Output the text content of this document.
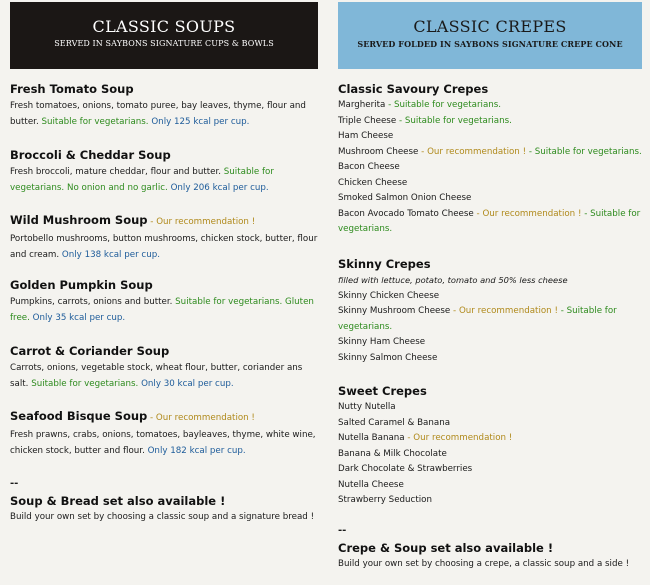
CLASSIC SOUPS
SERVED IN SAYBONS SIGNATURE CUPS & BOWLS
Fresh Tomato Soup
Fresh tomatoes, onions, tomato puree, bay leaves, thyme, flour and butter. Suitable for vegetarians. Only 125 kcal per cup.
Broccoli & Cheddar Soup
Fresh broccoli, mature cheddar, flour and butter. Suitable for vegetarians. No onion and no garlic. Only 206 kcal per cup.
Wild Mushroom Soup - Our recommendation !
Portobello mushrooms, button mushrooms, chicken stock, butter, flour and cream. Only 138 kcal per cup.
Golden Pumpkin Soup
Pumpkins, carrots, onions and butter. Suitable for vegetarians. Gluten free. Only 35 kcal per cup.
Carrot & Coriander Soup
Carrots, onions, vegetable stock, wheat flour, butter, coriander ans salt. Suitable for vegetarians. Only 30 kcal per cup.
Seafood Bisque Soup - Our recommendation !
Fresh prawns, crabs, onions, tomatoes, bayleaves, thyme, white wine, chicken stock, butter and flour. Only 182 kcal per cup.
--
Soup & Bread set also available !
Build your own set by choosing a classic soup and a signature bread !
CLASSIC CREPES
SERVED FOLDED IN SAYBONS SIGNATURE CREPE CONE
Classic Savoury Crepes
Margherita - Suitable for vegetarians.
Triple Cheese - Suitable for vegetarians.
Ham Cheese
Mushroom Cheese - Our recommendation ! - Suitable for vegetarians.
Bacon Cheese
Chicken Cheese
Smoked Salmon Onion Cheese
Bacon Avocado Tomato Cheese - Our recommendation ! - Suitable for vegetarians.
Skinny Crepes
filled with lettuce, potato, tomato and 50% less cheese
Skinny Chicken Cheese
Skinny Mushroom Cheese - Our recommendation ! - Suitable for vegetarians.
Skinny Ham Cheese
Skinny Salmon Cheese
Sweet Crepes
Nutty Nutella
Salted Caramel & Banana
Nutella Banana - Our recommendation !
Banana & Milk Chocolate
Dark Chocolate & Strawberries
Nutella Cheese
Strawberry Seduction
--
Crepe & Soup set also available !
Build your own set by choosing a crepe, a classic soup and a side !
